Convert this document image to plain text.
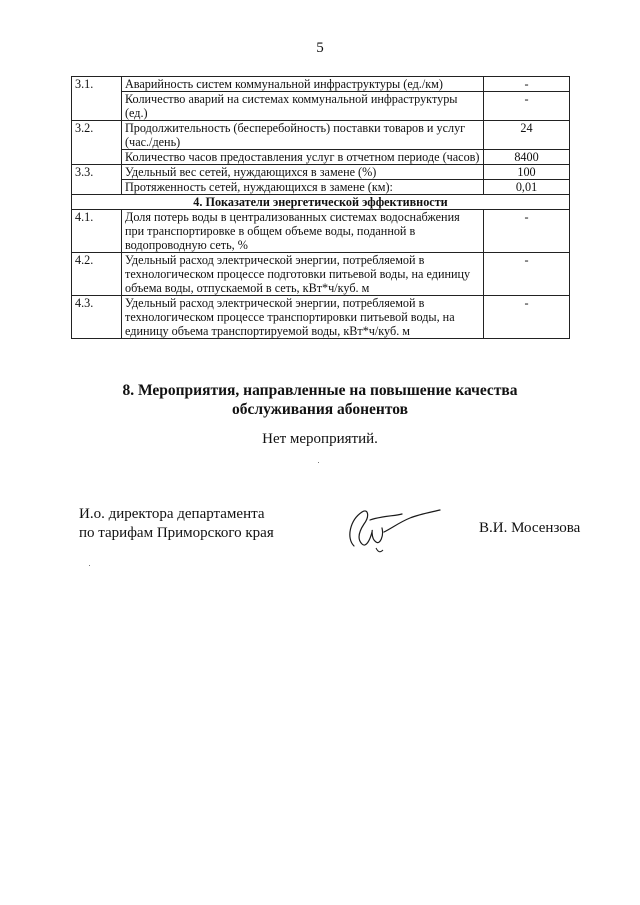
5
3.1.	Аварийность систем коммунальной инфраструктуры (ед./км)	-
	Количество аварий на системах коммунальной инфраструктуры (ед.)	-
3.2.	Продолжительность (бесперебойность) поставки товаров и услуг (час./день)	24
	Количество часов предоставления услуг в отчетном периоде (часов)	8400
3.3.	Удельный вес сетей, нуждающихся в замене (%)	100
	Протяженность сетей, нуждающихся в замене (км):	0,01
4. Показатели энергетической эффективности		
4.1.	Доля потерь воды в централизованных системах водоснабжения при транспортировке в общем объеме воды, поданной в водопроводную сеть, %	-
4.2.	Удельный расход электрической энергии, потребляемой в технологическом процессе подготовки питьевой воды, на единицу объема воды, отпускаемой в сеть, кВт*ч/куб. м	-
4.3.	Удельный расход электрической энергии, потребляемой в технологическом процессе транспортировки питьевой воды, на единицу объема транспортируемой воды, кВт*ч/куб. м	-
8. Мероприятия, направленные на повышение качества
обслуживания абонентов
Нет мероприятий.
И.о. директора департамента
по тарифам Приморского края	В.И. Мосензова
